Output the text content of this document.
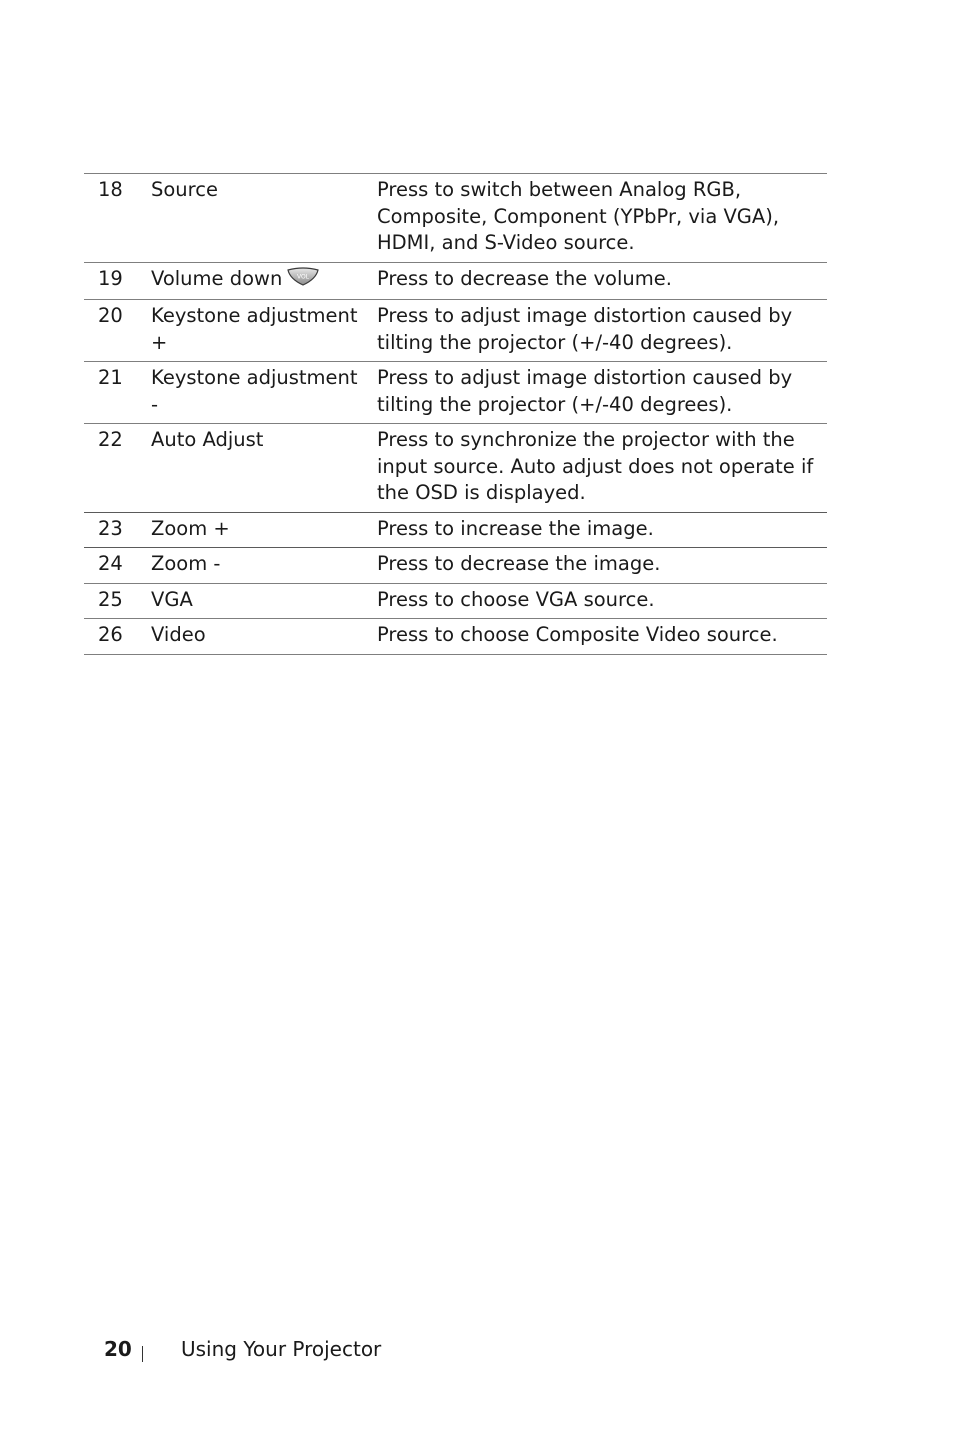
18	Source	Press to switch between Analog RGB, Composite, Component (YPbPr, via VGA), HDMI, and S-Video source.
19	Volume down VOL	Press to decrease the volume.
20	Keystone adjustment +	Press to adjust image distortion caused by tilting the projector (+/-40 degrees).
21	Keystone adjustment -	Press to adjust image distortion caused by tilting the projector (+/-40 degrees).
22	Auto Adjust	Press to synchronize the projector with the input source. Auto adjust does not operate if the OSD is displayed.
23	Zoom +	Press to increase the image.
24	Zoom -	Press to decrease the image.
25	VGA	Press to choose VGA source.
26	Video	Press to choose Composite Video source.
20	Using Your Projector
